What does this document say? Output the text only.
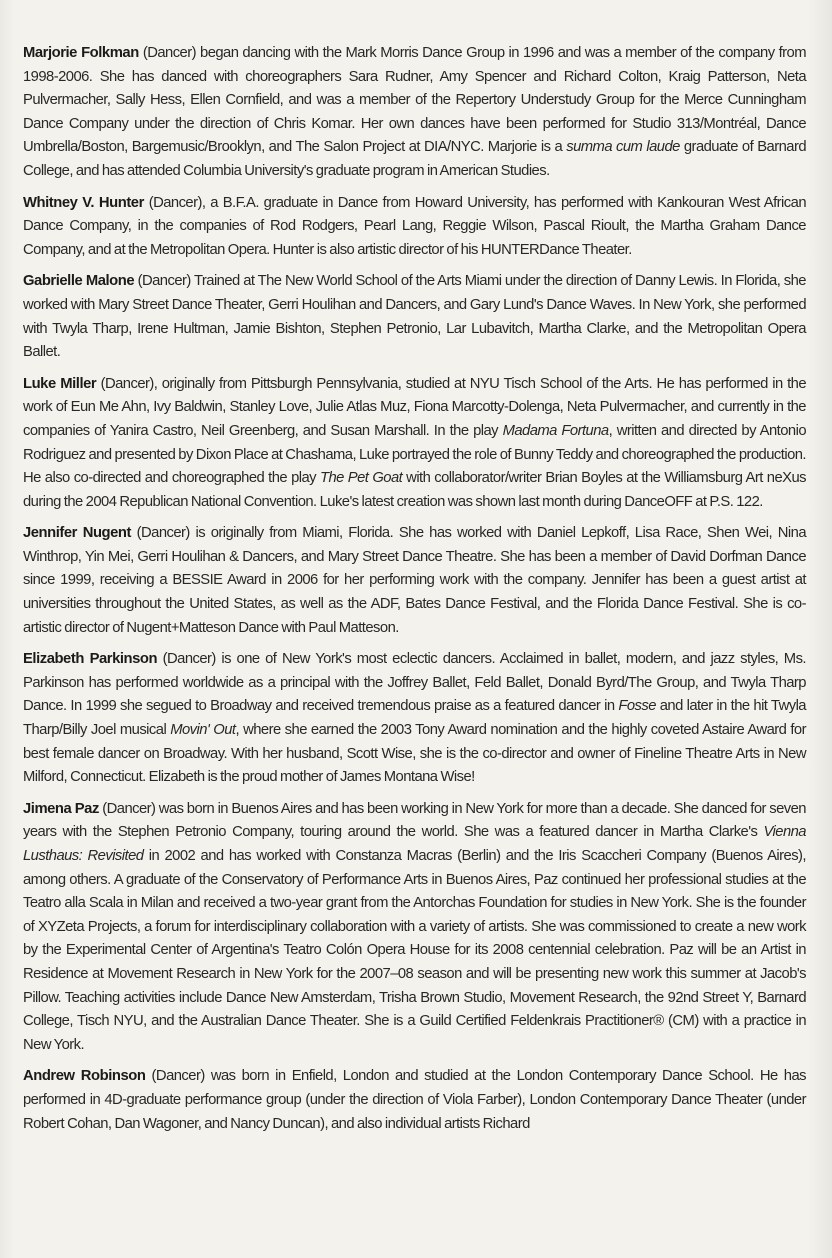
Marjorie Folkman (Dancer) began dancing with the Mark Morris Dance Group in 1996 and was a member of the company from 1998-2006. She has danced with choreographers Sara Rudner, Amy Spencer and Richard Colton, Kraig Patterson, Neta Pulvermacher, Sally Hess, Ellen Cornfield, and was a member of the Repertory Understudy Group for the Merce Cunningham Dance Company under the direction of Chris Komar. Her own dances have been performed for Studio 313/Montréal, Dance Umbrella/Boston, Bargemusic/Brooklyn, and The Salon Project at DIA/NYC. Marjorie is a summa cum laude graduate of Barnard College, and has attended Columbia University's graduate program in American Studies.

Whitney V. Hunter (Dancer), a B.F.A. graduate in Dance from Howard University, has performed with Kankouran West African Dance Company, in the companies of Rod Rodgers, Pearl Lang, Reggie Wilson, Pascal Rioult, the Martha Graham Dance Company, and at the Metropolitan Opera. Hunter is also artistic director of his HUNTERDance Theater.

Gabrielle Malone (Dancer) Trained at The New World School of the Arts Miami under the direction of Danny Lewis. In Florida, she worked with Mary Street Dance Theater, Gerri Houlihan and Dancers, and Gary Lund's Dance Waves. In New York, she performed with Twyla Tharp, Irene Hultman, Jamie Bishton, Stephen Petronio, Lar Lubavitch, Martha Clarke, and the Metropolitan Opera Ballet.

Luke Miller (Dancer), originally from Pittsburgh Pennsylvania, studied at NYU Tisch School of the Arts. He has performed in the work of Eun Me Ahn, Ivy Baldwin, Stanley Love, Julie Atlas Muz, Fiona Marcotty-Dolenga, Neta Pulvermacher, and currently in the companies of Yanira Castro, Neil Greenberg, and Susan Marshall. In the play Madama Fortuna, written and directed by Antonio Rodriguez and presented by Dixon Place at Chashama, Luke portrayed the role of Bunny Teddy and choreographed the production. He also co-directed and choreographed the play The Pet Goat with collaborator/writer Brian Boyles at the Williamsburg Art neXus during the 2004 Republican National Convention. Luke's latest creation was shown last month during DanceOFF at P.S. 122.

Jennifer Nugent (Dancer) is originally from Miami, Florida. She has worked with Daniel Lepkoff, Lisa Race, Shen Wei, Nina Winthrop, Yin Mei, Gerri Houlihan & Dancers, and Mary Street Dance Theatre. She has been a member of David Dorfman Dance since 1999, receiving a BESSIE Award in 2006 for her performing work with the company. Jennifer has been a guest artist at universities throughout the United States, as well as the ADF, Bates Dance Festival, and the Florida Dance Festival. She is co-artistic director of Nugent+Matteson Dance with Paul Matteson.

Elizabeth Parkinson (Dancer) is one of New York's most eclectic dancers. Acclaimed in ballet, modern, and jazz styles, Ms. Parkinson has performed worldwide as a principal with the Joffrey Ballet, Feld Ballet, Donald Byrd/The Group, and Twyla Tharp Dance. In 1999 she segued to Broadway and received tremendous praise as a featured dancer in Fosse and later in the hit Twyla Tharp/Billy Joel musical Movin' Out, where she earned the 2003 Tony Award nomination and the highly coveted Astaire Award for best female dancer on Broadway. With her husband, Scott Wise, she is the co-director and owner of Fineline Theatre Arts in New Milford, Connecticut. Elizabeth is the proud mother of James Montana Wise!

Jimena Paz (Dancer) was born in Buenos Aires and has been working in New York for more than a decade. She danced for seven years with the Stephen Petronio Company, touring around the world. She was a featured dancer in Martha Clarke's Vienna Lusthaus: Revisited in 2002 and has worked with Constanza Macras (Berlin) and the Iris Scaccheri Company (Buenos Aires), among others. A graduate of the Conservatory of Performance Arts in Buenos Aires, Paz continued her professional studies at the Teatro alla Scala in Milan and received a two-year grant from the Antorchas Foundation for studies in New York. She is the founder of XYZeta Projects, a forum for interdisciplinary collaboration with a variety of artists. She was commissioned to create a new work by the Experimental Center of Argentina's Teatro Colón Opera House for its 2008 centennial celebration. Paz will be an Artist in Residence at Movement Research in New York for the 2007–08 season and will be presenting new work this summer at Jacob's Pillow. Teaching activities include Dance New Amsterdam, Trisha Brown Studio, Movement Research, the 92nd Street Y, Barnard College, Tisch NYU, and the Australian Dance Theater. She is a Guild Certified Feldenkrais Practitioner® (CM) with a practice in New York.

Andrew Robinson (Dancer) was born in Enfield, London and studied at the London Contemporary Dance School. He has performed in 4D-graduate performance group (under the direction of Viola Farber), London Contemporary Dance Theater (under Robert Cohan, Dan Wagoner, and Nancy Duncan), and also individual artists Richard
